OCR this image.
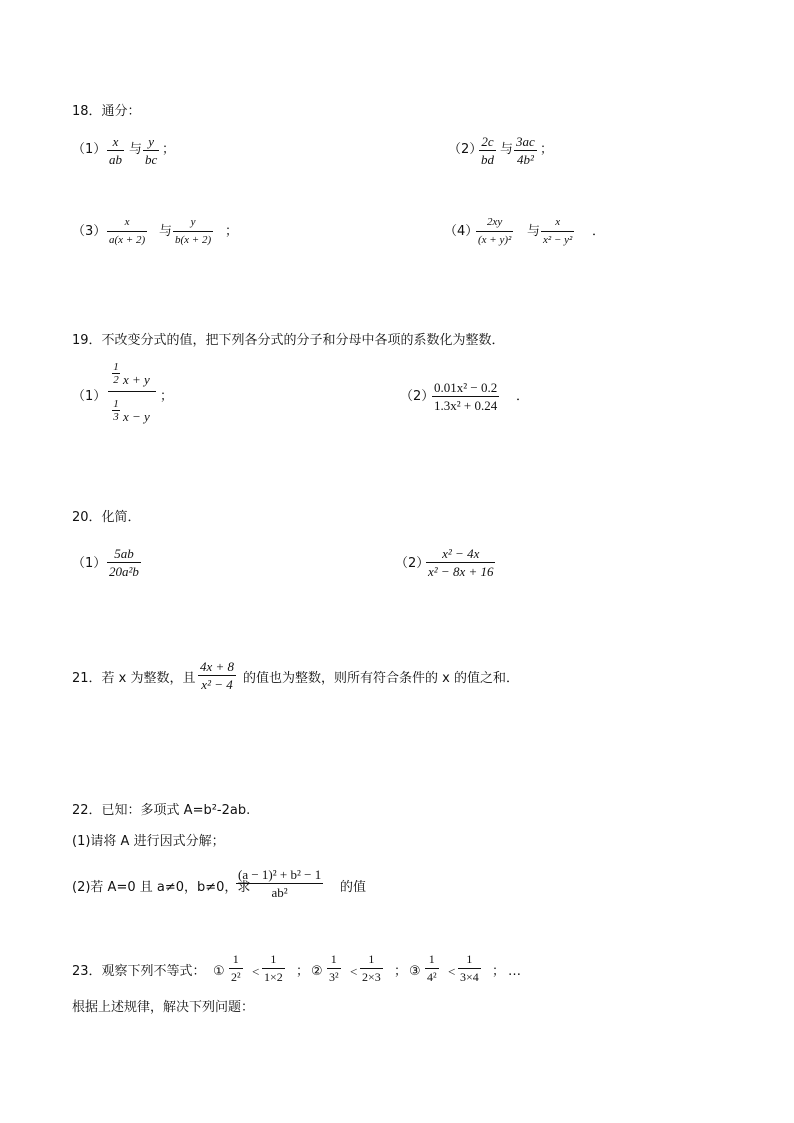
18．通分：
（1）
x
ab
与
y
bc
；	（2）
2c
bd
与
3ac
4b²
；
（3）
x
a(x + 2)
与
y
b(x + 2)
；	（4）
2xy
(x + y)²
与
x
x² − y²
．
19．不改变分式的值，把下列各分式的分子和分母中各项的系数化为整数．
（1）
1
2 x + y
1
3 x − y
；	（2）
0.01x² − 0.2
1.3x² + 0.24
．
20．化简．
（1）
5ab
20a²b
（2）
x² − 4x
x² − 8x + 16
21．若 x 为整数，且
4x + 8
x² − 4 的值也为整数，则所有符合条件的 x 的值之和．
22．已知：多项式 A=b²-2ab.
(1)请将 A 进行因式分解；
(2)若 A=0 且 a≠0，b≠0，求
(a − 1)² + b² − 1
ab²	的值
23．观察下列不等式： ①
1
2² <
1
1×2 ； ②
1
3² <
1
2×3 ； ③
1
4² <
1
3×4 ； …
根据上述规律，解决下列问题：
